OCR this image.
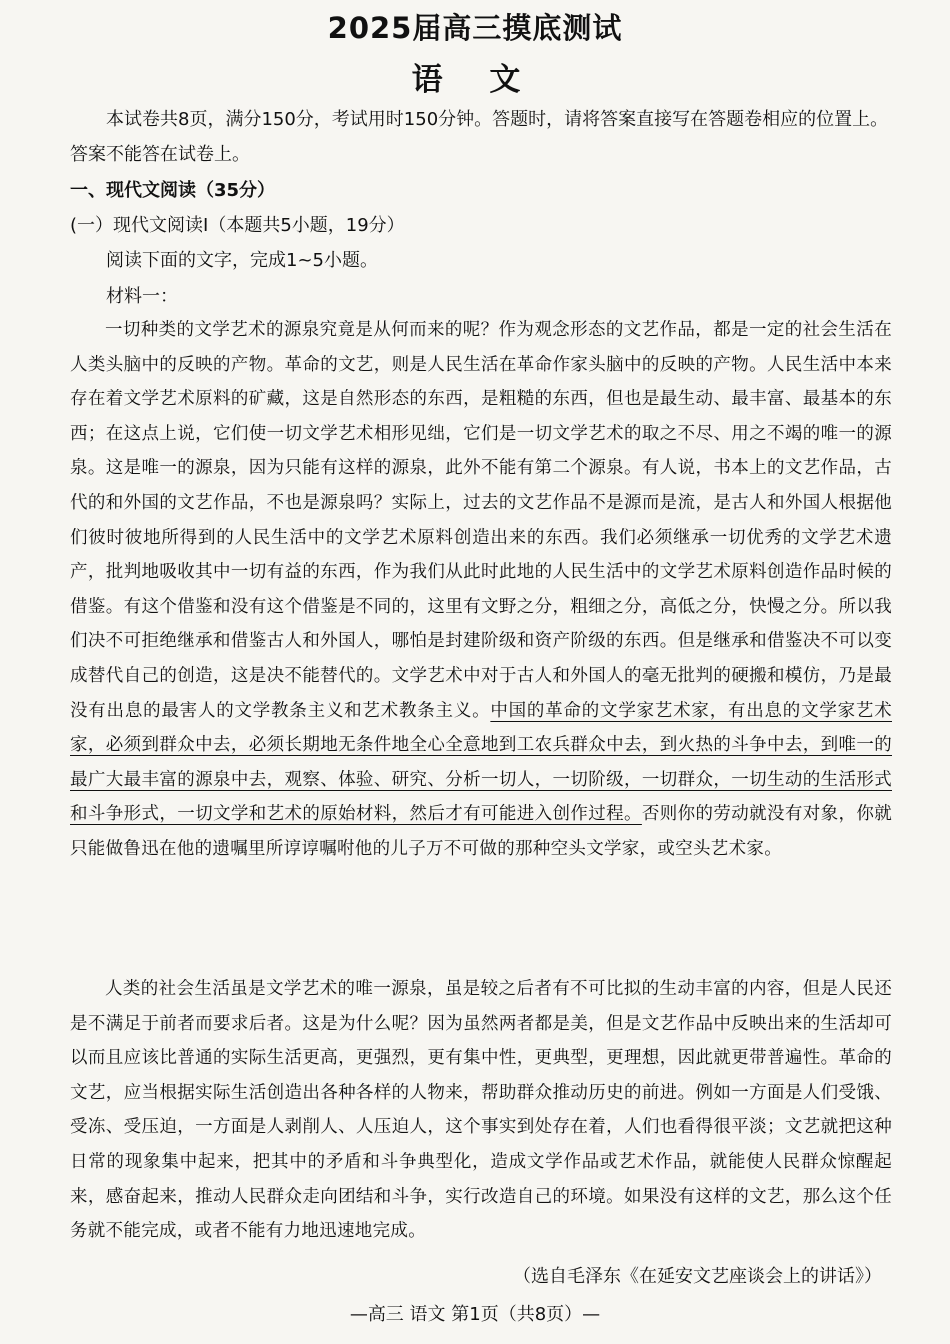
2025届高三摸底测试
语 文
本试卷共8页，满分150分，考试用时150分钟。答题时，请将答案直接写在答题卷相应的位置上。答案不能答在试卷上。
一、现代文阅读（35分）
(一）现代文阅读Ⅰ（本题共5小题，19分）
阅读下面的文字，完成1~5小题。
材料一：
一切种类的文学艺术的源泉究竟是从何而来的呢？作为观念形态的文艺作品，都是一定的社会生活在人类头脑中的反映的产物。革命的文艺，则是人民生活在革命作家头脑中的反映的产物。人民生活中本来存在着文学艺术原料的矿藏，这是自然形态的东西，是粗糙的东西，但也是最生动、最丰富、最基本的东西；在这点上说，它们使一切文学艺术相形见绌，它们是一切文学艺术的取之不尽、用之不竭的唯一的源泉。这是唯一的源泉，因为只能有这样的源泉，此外不能有第二个源泉。有人说，书本上的文艺作品，古代的和外国的文艺作品，不也是源泉吗？实际上，过去的文艺作品不是源而是流，是古人和外国人根据他们彼时彼地所得到的人民生活中的文学艺术原料创造出来的东西。我们必须继承一切优秀的文学艺术遗产，批判地吸收其中一切有益的东西，作为我们从此时此地的人民生活中的文学艺术原料创造作品时候的借鉴。有这个借鉴和没有这个借鉴是不同的，这里有文野之分，粗细之分，高低之分，快慢之分。所以我们决不可拒绝继承和借鉴古人和外国人，哪怕是封建阶级和资产阶级的东西。但是继承和借鉴决不可以变成替代自己的创造，这是决不能替代的。文学艺术中对于古人和外国人的毫无批判的硬搬和模仿，乃是最没有出息的最害人的文学教条主义和艺术教条主义。中国的革命的文学家艺术家，有出息的文学家艺术家，必须到群众中去，必须长期地无条件地全心全意地到工农兵群众中去，到火热的斗争中去，到唯一的最广大最丰富的源泉中去，观察、体验、研究、分析一切人，一切阶级，一切群众，一切生动的生活形式和斗争形式，一切文学和艺术的原始材料，然后才有可能进入创作过程。否则你的劳动就没有对象，你就只能做鲁迅在他的遗嘱里所谆谆嘱咐他的儿子万不可做的那种空头文学家，或空头艺术家。
人类的社会生活虽是文学艺术的唯一源泉，虽是较之后者有不可比拟的生动丰富的内容，但是人民还是不满足于前者而要求后者。这是为什么呢？因为虽然两者都是美，但是文艺作品中反映出来的生活却可以而且应该比普通的实际生活更高，更强烈，更有集中性，更典型，更理想，因此就更带普遍性。革命的文艺，应当根据实际生活创造出各种各样的人物来，帮助群众推动历史的前进。例如一方面是人们受饿、受冻、受压迫，一方面是人剥削人、人压迫人，这个事实到处存在着，人们也看得很平淡；文艺就把这种日常的现象集中起来，把其中的矛盾和斗争典型化，造成文学作品或艺术作品，就能使人民群众惊醒起来，感奋起来，推动人民群众走向团结和斗争，实行改造自己的环境。如果没有这样的文艺，那么这个任务就不能完成，或者不能有力地迅速地完成。
（选自毛泽东《在延安文艺座谈会上的讲话》）
—高三 语文 第1页（共8页）—
